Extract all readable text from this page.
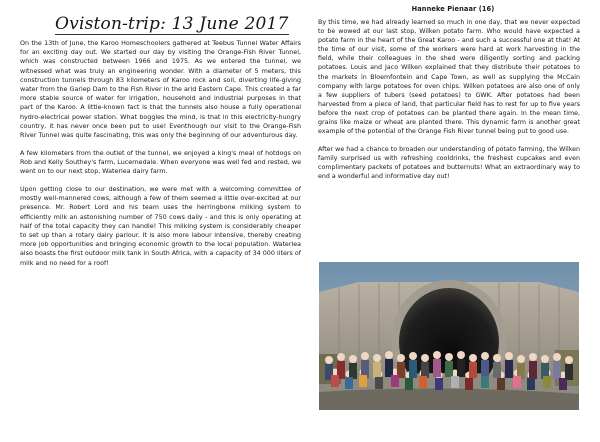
Hanneke Pienaar (16)
Oviston-trip: 13 June 2017

On the 13th of June, the Karoo Homeschoolers gathered at Teebus Tunnel Water Affairs for an exciting day out. We started our day by visiting the Orange-Fish River Tunnel, which was constructed between 1966 and 1975. As we entered the tunnel, we witnessed what was truly an engineering wonder. With a diameter of 5 meters, this construction tunnels through 83 kilometers of Karoo rock and soil, diverting life-giving water from the Gariep Dam to the Fish River in the arid Eastern Cape. This created a far more stable source of water for irrigation, household and industrial purposes in that part of the Karoo. A little-known fact is that the tunnels also house a fully operational hydro-electrical power station. What boggles the mind, is that in this electricity-hungry country, it has never once been put to use! Eventhough our visit to the Orange-Fish River Tunnel was quite fascinating, this was only the beginning of our adventurous day.

A few kilometers from the outlet of the tunnel, we enjoyed a king's meal of hotdogs on Rob and Kelly Southey's farm, Lucernedale. When everyone was well fed and rested, we went on to our next stop, Waterlea dairy farm.

Upon getting close to our destination, we were met with a welcoming committee of mostly well-mannered cows, although a few of them seemed a little over-excited at our presence. Mr. Robert Lord and his team uses the herringbone milking system to efficiently milk an astonishing number of 750 cows daily - and this is only operating at half of the total capacity they can handle! This milking system is considerably cheaper to set up than a rotary dairy parlour. It is also more labour intensive, thereby creating more job opportunities and bringing economic growth to the local population. Waterlea also boasts the first outdoor milk tank in South Africa, with a capacity of 34 000 liters of milk and no need for a roof!

By this time, we had already learned so much in one day, that we never expected to be wowed at our last stop, Wilken potato farm. Who would have expected a potato farm in the heart of the Great Karoo - and such a successful one at that! At the time of our visit, some of the workers were hard at work harvesting in the field, while their colleagues in the shed were diligently sorting and packing potatoes. Louis and Jaco Wilken explained that they distribute their potatoes to the markets in Bloemfontein and Cape Town, as well as supplying the McCain company with large potatoes for oven chips. Wilken potatoes are also one of only a few suppliers of tubers (seed potatoes) to GWK. After potatoes had been harvested from a piece of land, that particular field has to rest for up to five years before the next crop of potatoes can be planted there again. In the mean time, grains like maize or wheat are planted there. This dynamic farm is another great example of the potential of the Orange Fish River tunnel being put to good use.

After we had a chance to broaden our understanding of potato farming, the Wilken family surprised us with refreshing cooldrinks, the freshest cupcakes and even complimentary packets of potatoes and butternuts! What an extraordinary way to end a wonderful and informative day out!
